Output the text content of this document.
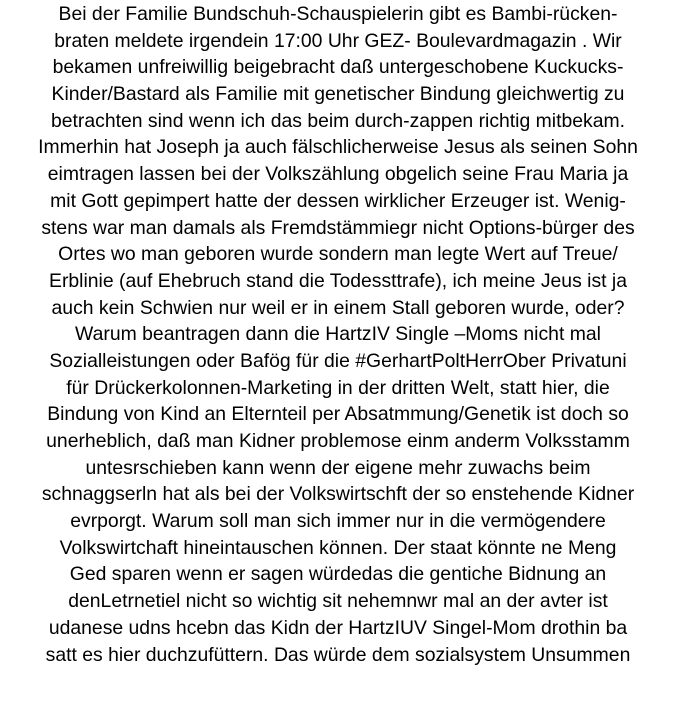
Bei der Familie Bundschuh-Schauspielerin gibt es Bambi-rücken-
braten meldete irgendein 17:00 Uhr GEZ- Boulevardmagazin . Wir
bekamen unfreiwillig beigebracht daß untergeschobene Kuckucks-
Kinder/Bastard als Familie mit genetischer Bindung gleichwertig zu
betrachten sind wenn ich das beim durch-zappen richtig mitbekam.
Immerhin hat Joseph ja auch fälschlicherweise Jesus als seinen Sohn
eimtragen lassen bei der Volkszählung obgelich seine Frau Maria ja
mit Gott gepimpert hatte der dessen wirklicher Erzeuger ist. Wenig-
stens war man damals als Fremdstämmiegr nicht Options-bürger des
Ortes wo man geboren wurde sondern man legte Wert auf Treue/
Erblinie (auf Ehebruch stand die Todessttrafe), ich meine Jeus ist ja
auch kein Schwien nur weil er in einem Stall geboren wurde, oder?
Warum beantragen dann die HartzIV Single –Moms nicht mal
Sozialleistungen oder Bafög für die #GerhartPoltHerrOber Privatuni
für Drückerkolonnen-Marketing in der dritten Welt, statt hier, die
Bindung von Kind an Elternteil per Absatmmung/Genetik ist doch so
unerheblich, daß man Kidner problemose einm anderm Volksstamm
untesrschieben kann wenn der eigene mehr zuwachs beim
schnaggserln hat als bei der Volkswirtschft der so enstehende Kidner
evrporgt. Warum soll man sich immer nur in die vermögendere
Volkswirtchaft hineintauschen können. Der staat könnte ne Meng
Ged sparen wenn er sagen würdedas die gentiche Bidnung an
denLetrnetiel nicht so wichtig sit nehemnwr mal an der avter ist
udanese udns hcebn das Kidn der HartzIUV Singel-Mom drothin ba
satt es hier duchzufüttern. Das würde dem sozialsystem Unsummen
